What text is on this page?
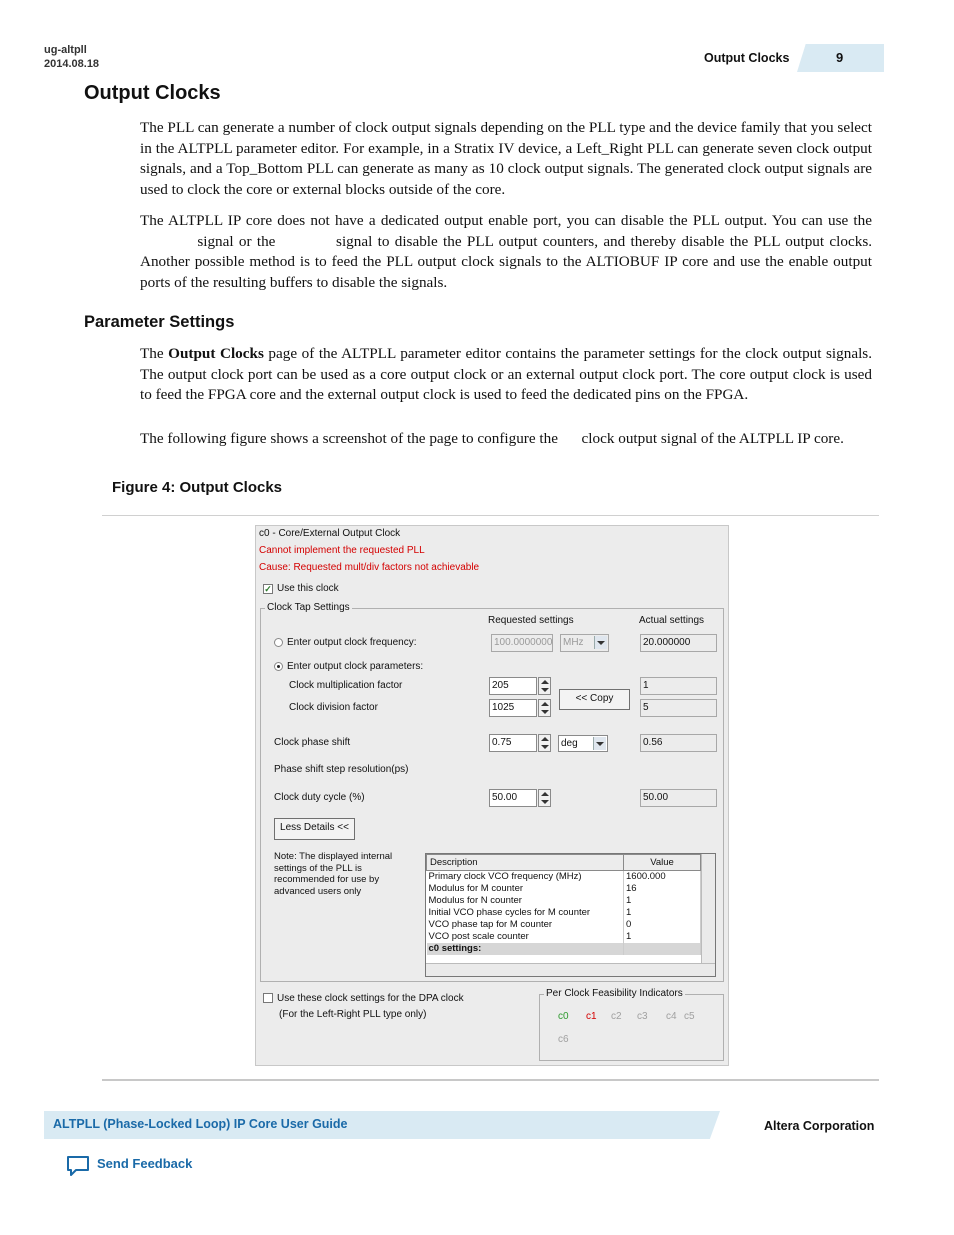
ug-altpll
2014.08.18	Output Clocks	9
Output Clocks

The PLL can generate a number of clock output signals depending on the PLL type and the device family that you select in the ALTPLL parameter editor. For example, in a Stratix IV device, a Left_Right PLL can generate seven clock output signals, and a Top_Bottom PLL can generate as many as 10 clock output signals. The generated clock output signals are used to clock the core or external blocks outside of the core.

The ALTPLL IP core does not have a dedicated output enable port, you can disable the PLL output. You can use the  signal or the	signal to disable the PLL output counters, and thereby disable the PLL output clocks. Another possible method is to feed the PLL output clock signals to the ALTIOBUF IP core and use the enable output ports of the resulting buffers to disable the signals.

Parameter Settings

The Output Clocks page of the ALTPLL parameter editor contains the parameter settings for the clock output signals. The output clock port can be used as a core output clock or an external output clock port. The core output clock is used to feed the FPGA core and the external output clock is used to feed the dedicated pins on the FPGA.

The following figure shows a screenshot of the page to configure the clock output signal of the ALTPLL IP core.

Figure 4: Output Clocks
c0 - Core/External Output Clock
Cannot implement the requested PLL
Cause: Requested mult/div factors not achievable
✓ Use this clock
Clock Tap Settings
Requested settings	Actual settings
Enter output clock frequency:	100.0000000	MHz	20.000000
Enter output clock parameters:
Clock multiplication factor	205	1
<< Copy
Clock division factor	1025	5
Clock phase shift	0.75	deg	0.56
Phase shift step resolution(ps)
Clock duty cycle (%)	50.00	50.00
Less Details <<
Note: The displayed internal
settings of the PLL is
recommended for use by
advanced users only
Description	Value
Primary clock VCO frequency (MHz)	1600.000
Modulus for M counter	16
Modulus for N counter	1
Initial VCO phase cycles for M counter	1
VCO phase tap for M counter	0
VCO post scale counter	1
c0 settings:	
Use these clock settings for the DPA clock
(For the Left-Right PLL type only)
Per Clock Feasibility Indicators
c0 c1 c2 c3 c4 c5
c6
ALTPLL (Phase-Locked Loop) IP Core User Guide	Altera Corporation
Send Feedback
